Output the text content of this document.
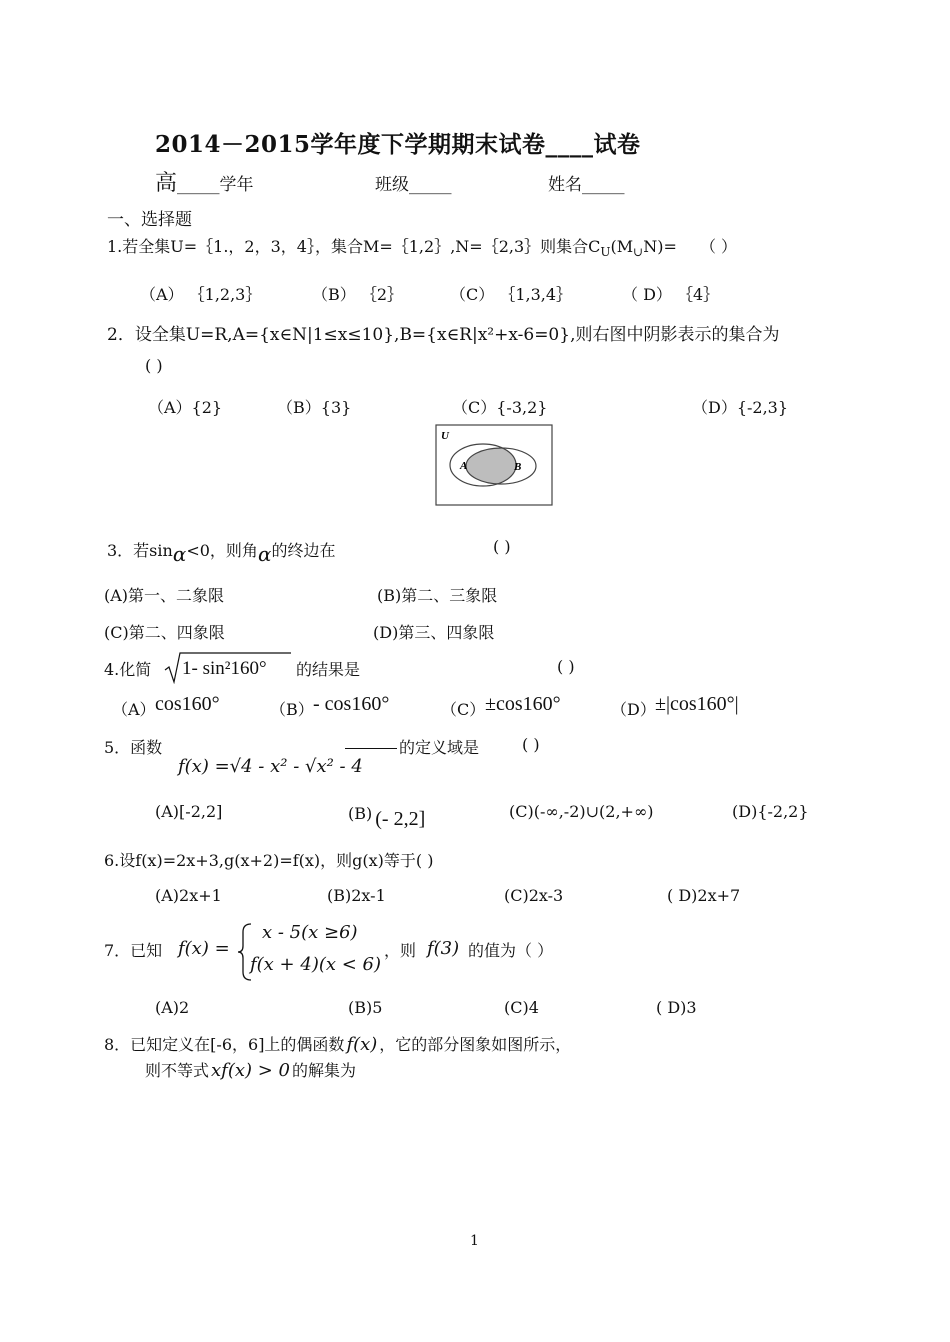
2014－2015学年度下学期期末试卷____试卷
高_____学年	班级_____	姓名_____
一、选择题
1.若全集U=｛1.，2，3，4｝，集合M=｛1,2｝,N=｛2,3｝则集合$C_U(M_\cup N)=$ （ ）
（A） ｛1,2,3｝	（B） ｛2｝	（C） ｛1,3,4｝	（ D） ｛4｝
2．设全集U=R,A={x∈N|1≤x≤10},B={x∈R|x²+x-6=0},则右图中阴影表示的集合为
( )
（A）{2}	（B）{3}	（C）{-3,2}	（D）{-2,3}
U
A	B
3．若sinα<0，则角α的终边在	( )
(A)第一、二象限	(B)第二、三象限
(C)第二、四象限	(D)第三、四象限
4.化简 1- sin²160° 的结果是	( )
（A） cos160°	（B） - cos160°	（C） ±cos160°	（D） ±|cos160°|
5．函数
f(x) =√4 - x² - √x² - 4
的定义域是	( )
(A)[-2,2]	(B) (- 2,2]	(C)(-∞,-2)∪(2,+∞)	(D){-2,2}
6.设f(x)=2x+3,g(x+2)=f(x)，则g(x)等于( )
(A)2x+1	(B)2x-1	(C)2x-3	( D)2x+7
7．已知 f(x) =
x - 5(x ≥6)
f(x + 4)(x < 6)
，则 f(3) 的值为（ ）
(A)2	(B)5	(C)4	( D)3
8．已知定义在[-6，6]上的偶函数 f(x) ，它的部分图象如图所示，
则不等式 xf(x) > 0 的解集为
1
